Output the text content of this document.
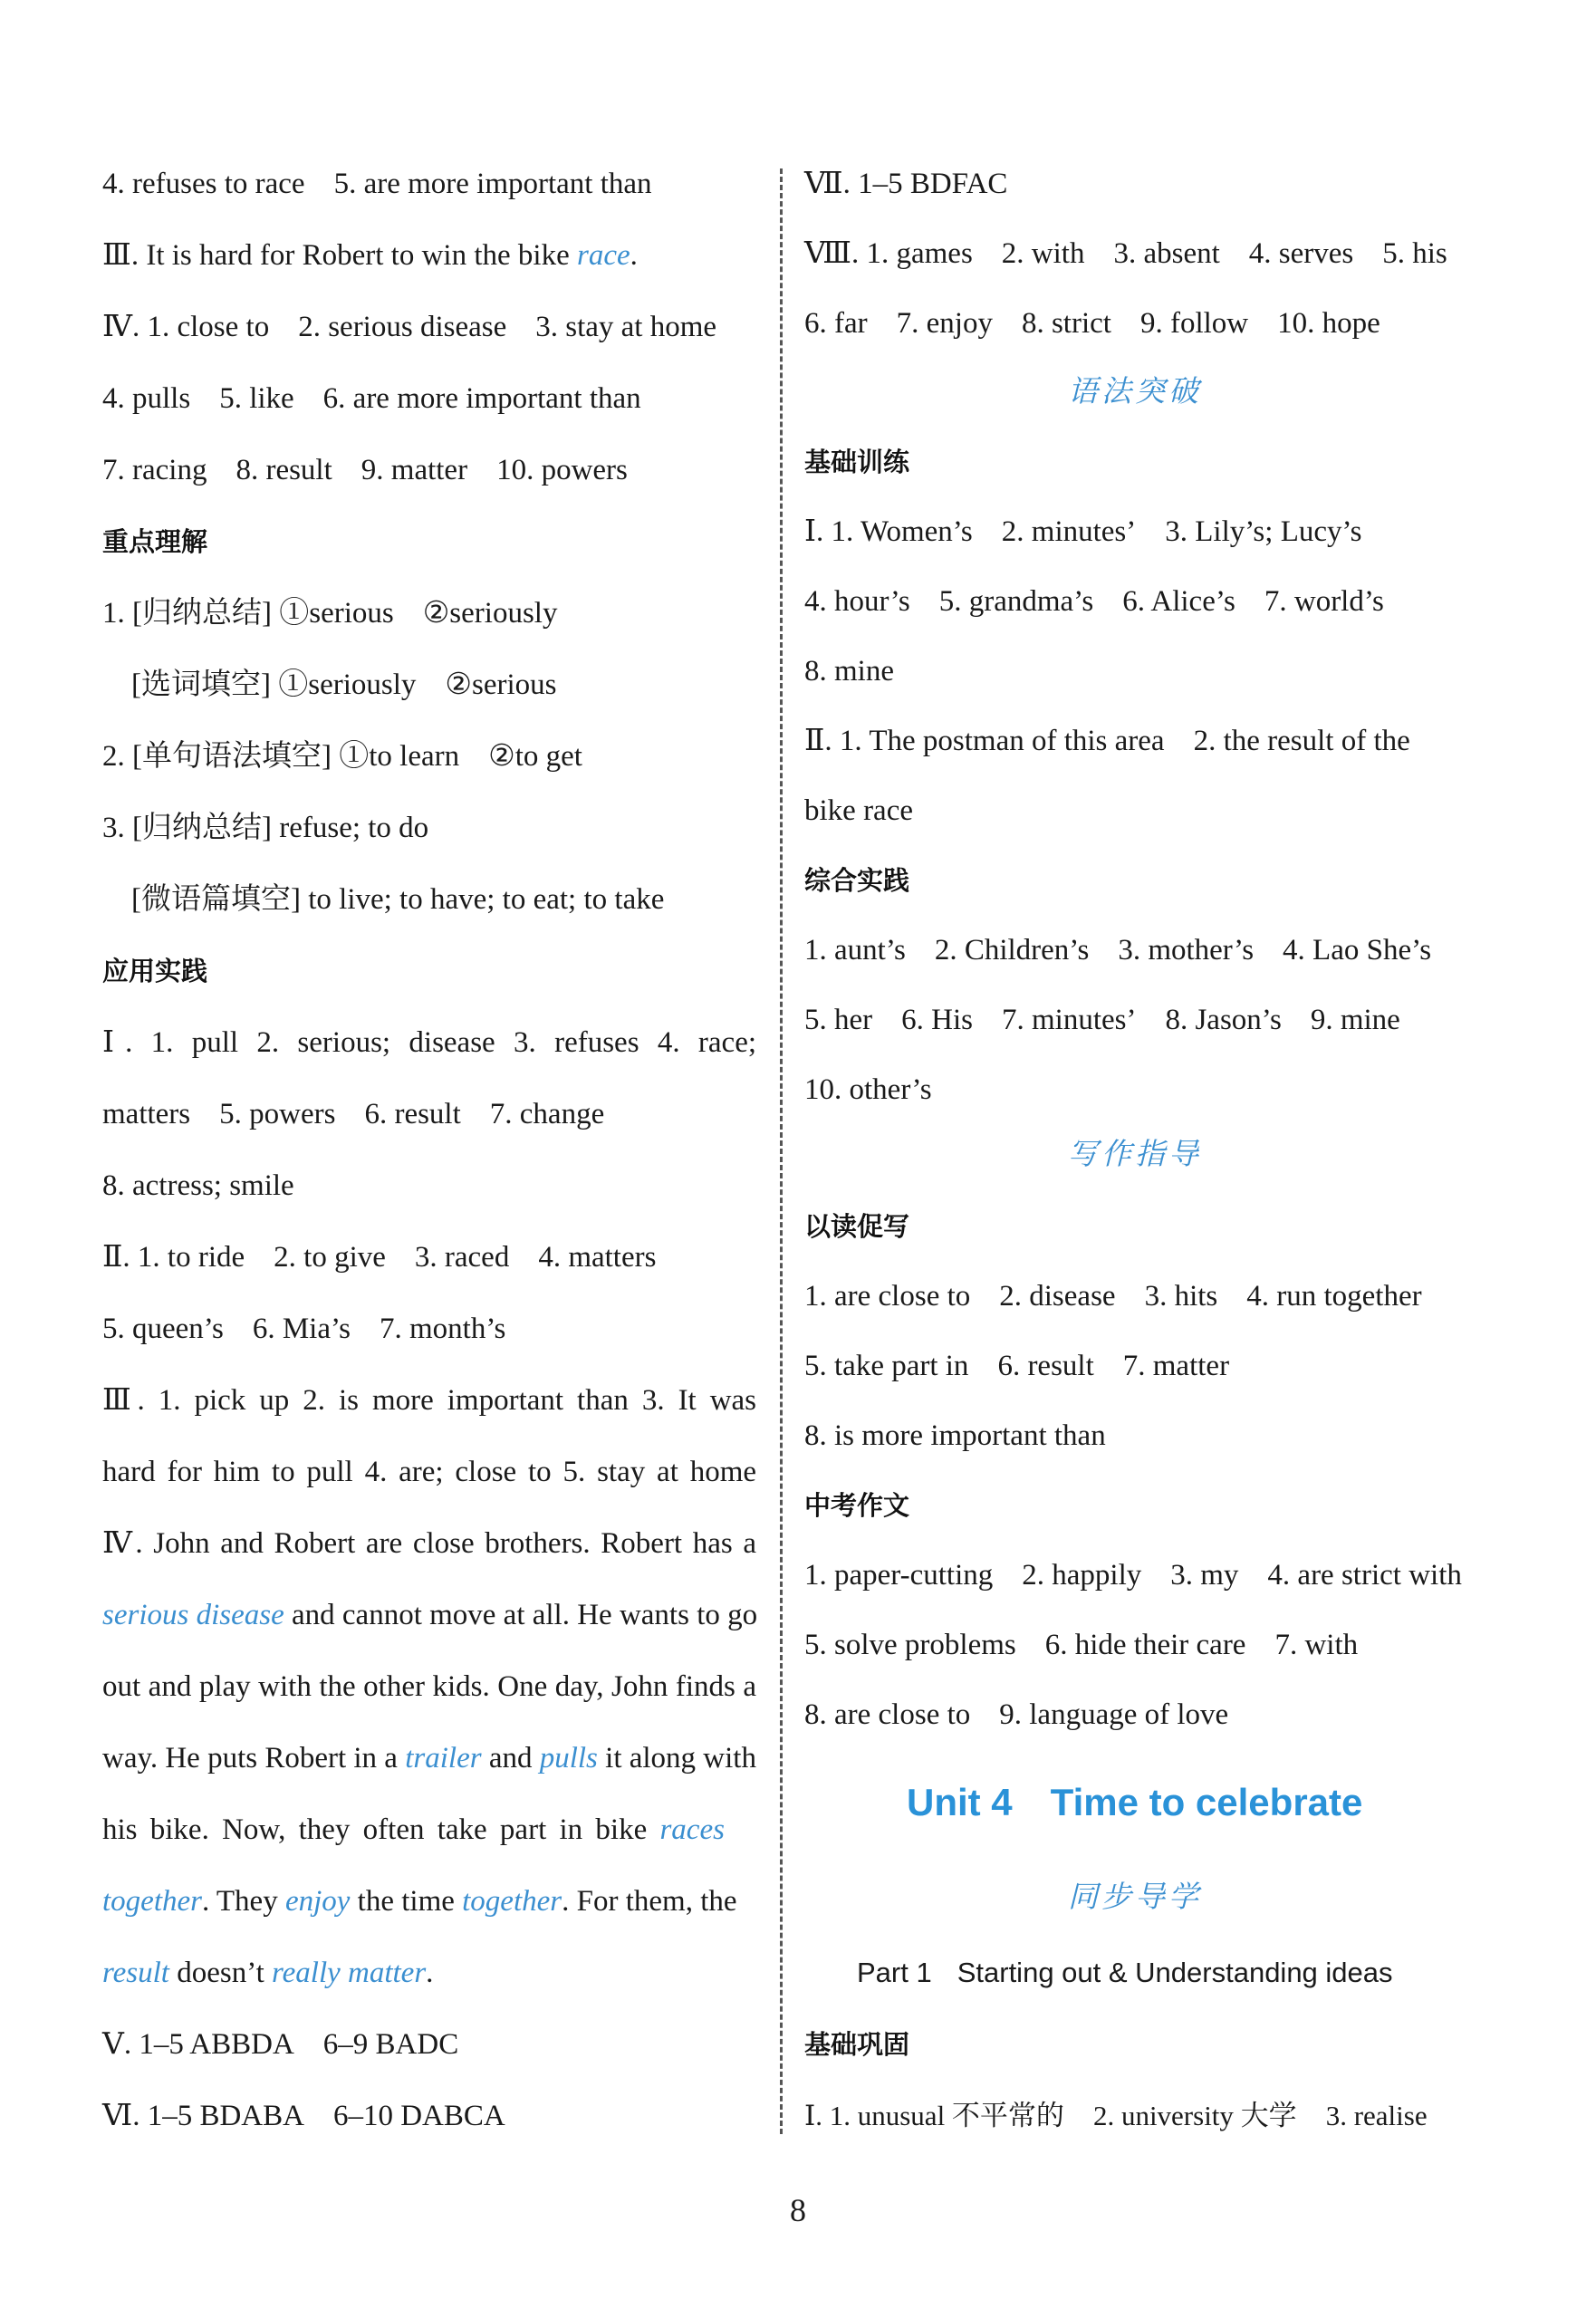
4. refuses to race 5. are more important than
Ⅲ. It is hard for Robert to win the bike race.
Ⅳ. 1. close to 2. serious disease 3. stay at home
4. pulls 5. like 6. are more important than
7. racing 8. result 9. matter 10. powers
重点理解
1. [归纳总结] ①serious ②seriously
[选词填空] ①seriously ②serious
2. [单句语法填空] ①to learn ②to get
3. [归纳总结] refuse; to do
[微语篇填空] to live; to have; to eat; to take
应用实践
Ⅰ. 1. pull 2. serious; disease 3. refuses 4. race;
matters 5. powers 6. result 7. change
8. actress; smile
Ⅱ. 1. to ride 2. to give 3. raced 4. matters
5. queen’s 6. Mia’s 7. month’s
Ⅲ. 1. pick up 2. is more important than 3. It was
hard for him to pull 4. are; close to 5. stay at home
Ⅳ. John and Robert are close brothers. Robert has a
serious disease and cannot move at all. He wants to go
out and play with the other kids. One day, John finds a
way. He puts Robert in a trailer and pulls it along with
his bike. Now, they often take part in bike races
together. They enjoy the time together. For them, the
result doesn’t really matter.
Ⅴ. 1–5 ABBDA 6–9 BADC
Ⅵ. 1–5 BDABA 6–10 DABCA
Ⅶ. 1–5 BDFAC
Ⅷ. 1. games 2. with 3. absent 4. serves 5. his
6. far 7. enjoy 8. strict 9. follow 10. hope
语法突破
基础训练
Ⅰ. 1. Women’s 2. minutes’ 3. Lily’s; Lucy’s
4. hour’s 5. grandma’s 6. Alice’s 7. world’s
8. mine
Ⅱ. 1. The postman of this area 2. the result of the
bike race
综合实践
1. aunt’s 2. Children’s 3. mother’s 4. Lao She’s
5. her 6. His 7. minutes’ 8. Jason’s 9. mine
10. other’s
写作指导
以读促写
1. are close to 2. disease 3. hits 4. run together
5. take part in 6. result 7. matter
8. is more important than
中考作文
1. paper-cutting 2. happily 3. my 4. are strict with
5. solve problems 6. hide their care 7. with
8. are close to 9. language of love
Unit 4 Time to celebrate
同步导学
Part 1 Starting out & Understanding ideas
基础巩固
Ⅰ. 1. unusual 不平常的 2. university 大学 3. realise
8
